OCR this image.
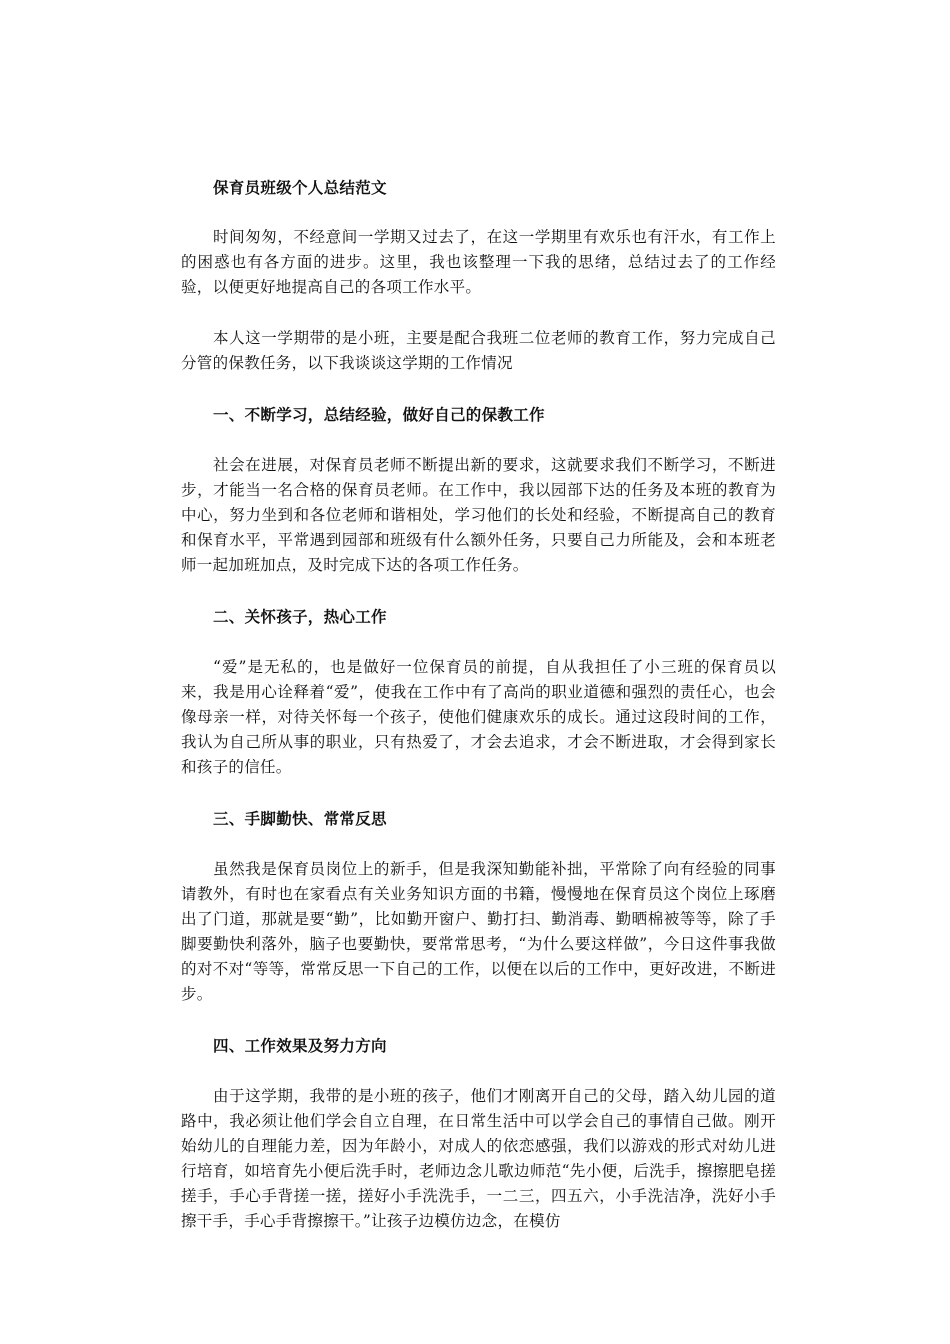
保育员班级个人总结范文

时间匆匆，不经意间一学期又过去了，在这一学期里有欢乐也有汗水，有工作上的困惑也有各方面的进步。这里，我也该整理一下我的思绪，总结过去了的工作经验，以便更好地提高自己的各项工作水平。

本人这一学期带的是小班，主要是配合我班二位老师的教育工作，努力完成自己分管的保教任务，以下我谈谈这学期的工作情况

一、不断学习，总结经验，做好自己的保教工作

社会在进展，对保育员老师不断提出新的要求，这就要求我们不断学习，不断进步，才能当一名合格的保育员老师。在工作中，我以园部下达的任务及本班的教育为中心，努力坐到和各位老师和谐相处，学习他们的长处和经验，不断提高自己的教育和保育水平，平常遇到园部和班级有什么额外任务，只要自己力所能及，会和本班老师一起加班加点，及时完成下达的各项工作任务。

二、关怀孩子，热心工作

“爱”是无私的，也是做好一位保育员的前提，自从我担任了小三班的保育员以来，我是用心诠释着“爱”，使我在工作中有了高尚的职业道德和强烈的责任心，也会像母亲一样，对待关怀每一个孩子，使他们健康欢乐的成长。通过这段时间的工作，我认为自己所从事的职业，只有热爱了，才会去追求，才会不断进取，才会得到家长和孩子的信任。

三、手脚勤快、常常反思

虽然我是保育员岗位上的新手，但是我深知勤能补拙，平常除了向有经验的同事请教外，有时也在家看点有关业务知识方面的书籍，慢慢地在保育员这个岗位上琢磨出了门道，那就是要“勤”，比如勤开窗户、勤打扫、勤消毒、勤晒棉被等等，除了手脚要勤快利落外，脑子也要勤快，要常常思考，“为什么要这样做”，今日这件事我做的对不对“等等，常常反思一下自己的工作，以便在以后的工作中，更好改进，不断进步。

四、工作效果及努力方向

由于这学期，我带的是小班的孩子，他们才刚离开自己的父母，踏入幼儿园的道路中，我必须让他们学会自立自理，在日常生活中可以学会自己的事情自己做。刚开始幼儿的自理能力差，因为年龄小，对成人的依恋感强，我们以游戏的形式对幼儿进行培育，如培育先小便后洗手时，老师边念儿歌边师范“先小便，后洗手，擦擦肥皂搓搓手，手心手背搓一搓，搓好小手洗洗手，一二三，四五六，小手洗洁净，洗好小手擦干手，手心手背擦擦干。”让孩子边模仿边念，在模仿
